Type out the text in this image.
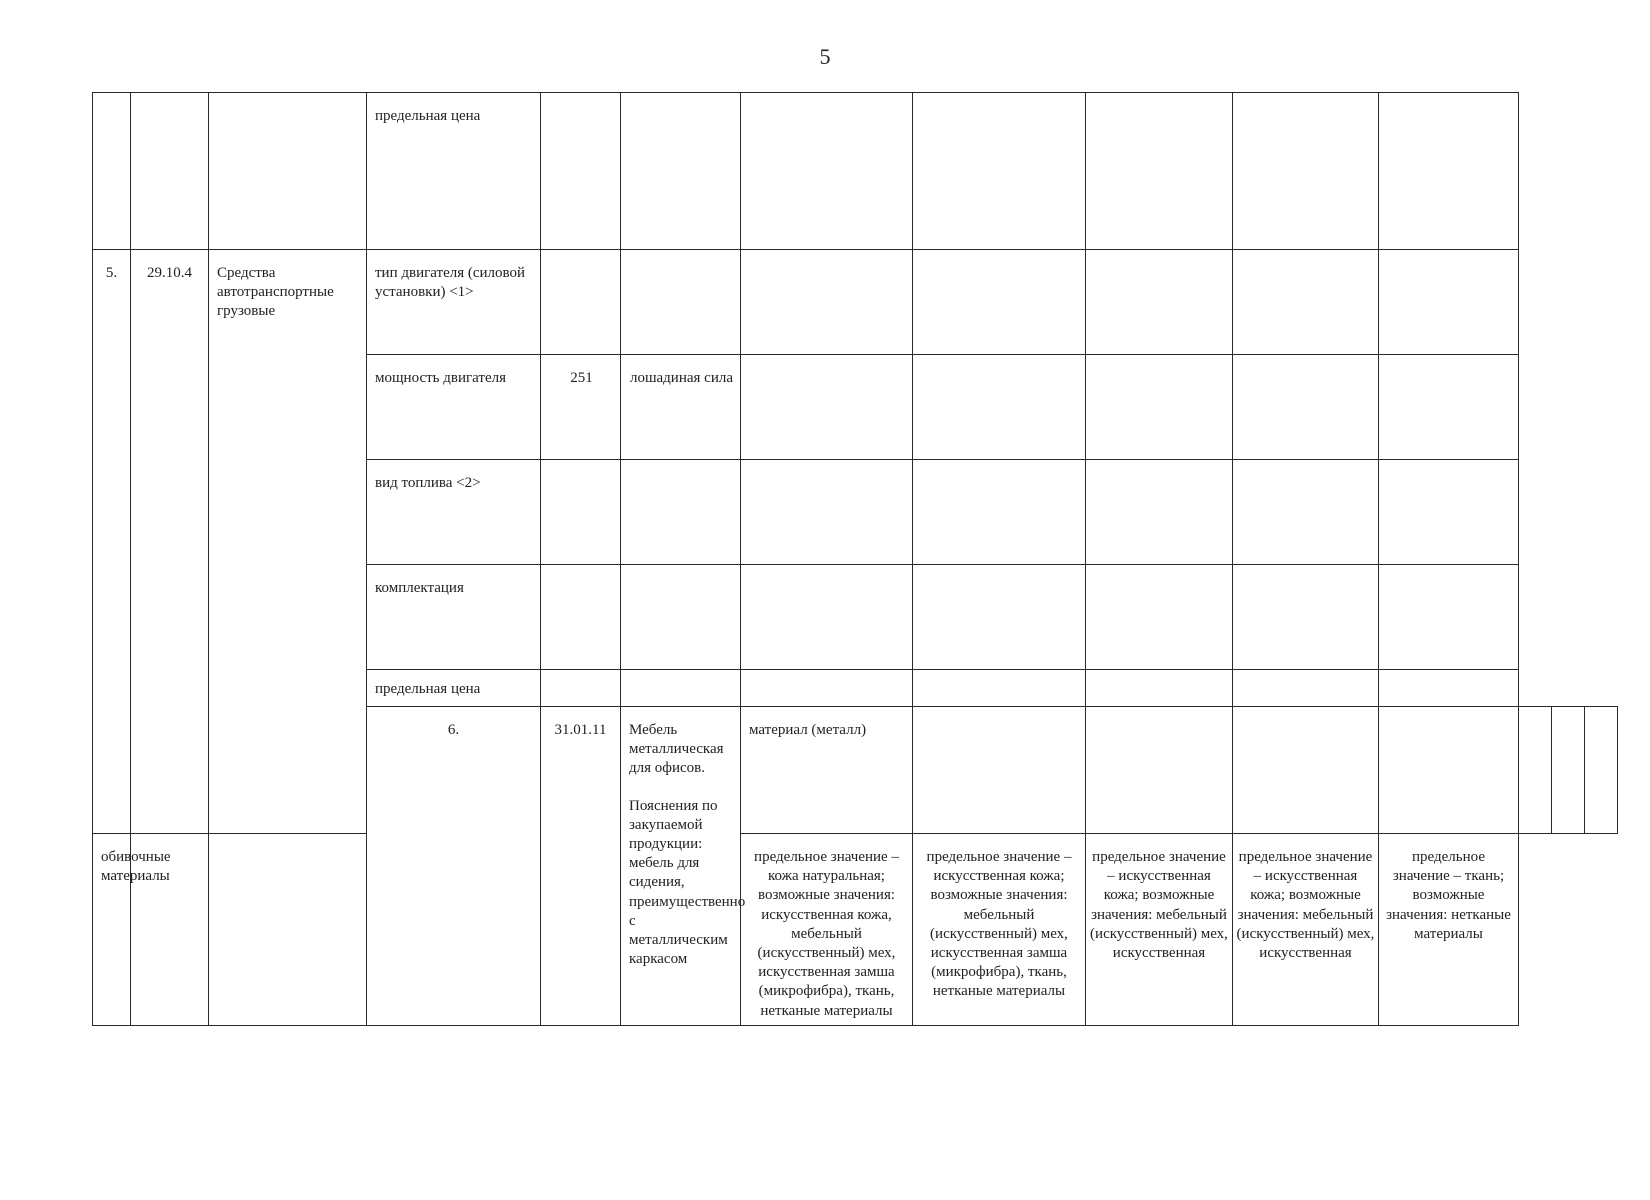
5
			предельная цена										
5.	29.10.4	Средства автотранспортные грузовые	тип двигателя (силовой установки) <1>										
			мощность двигателя	251	лошадиная сила								
			вид топлива <2>										
			комплектация										
			предельная цена										
			6.	31.01.11	Мебель металлическая для офисов.

Пояснения по закупаемой продукции: мебель для сидения, преимущественно с металлическим каркасом	материал (металл)							
обивочные материалы						предельное значение – кожа натуральная; возможные значения: искусственная кожа, мебельный (искусственный) мех, искусственная замша (микрофибра), ткань, нетканые материалы	предельное значение – искусственная кожа; возможные значения: мебельный (искусственный) мех, искусственная замша (микрофибра), ткань, нетканые материалы	предельное значение – искусственная кожа; возможные значения: мебельный (искусственный) мех, искусственная	предельное значение – искусственная кожа; возможные значения: мебельный (искусственный) мех, искусственная	предельное значение – ткань; возможные значения: нетканые материалы			
